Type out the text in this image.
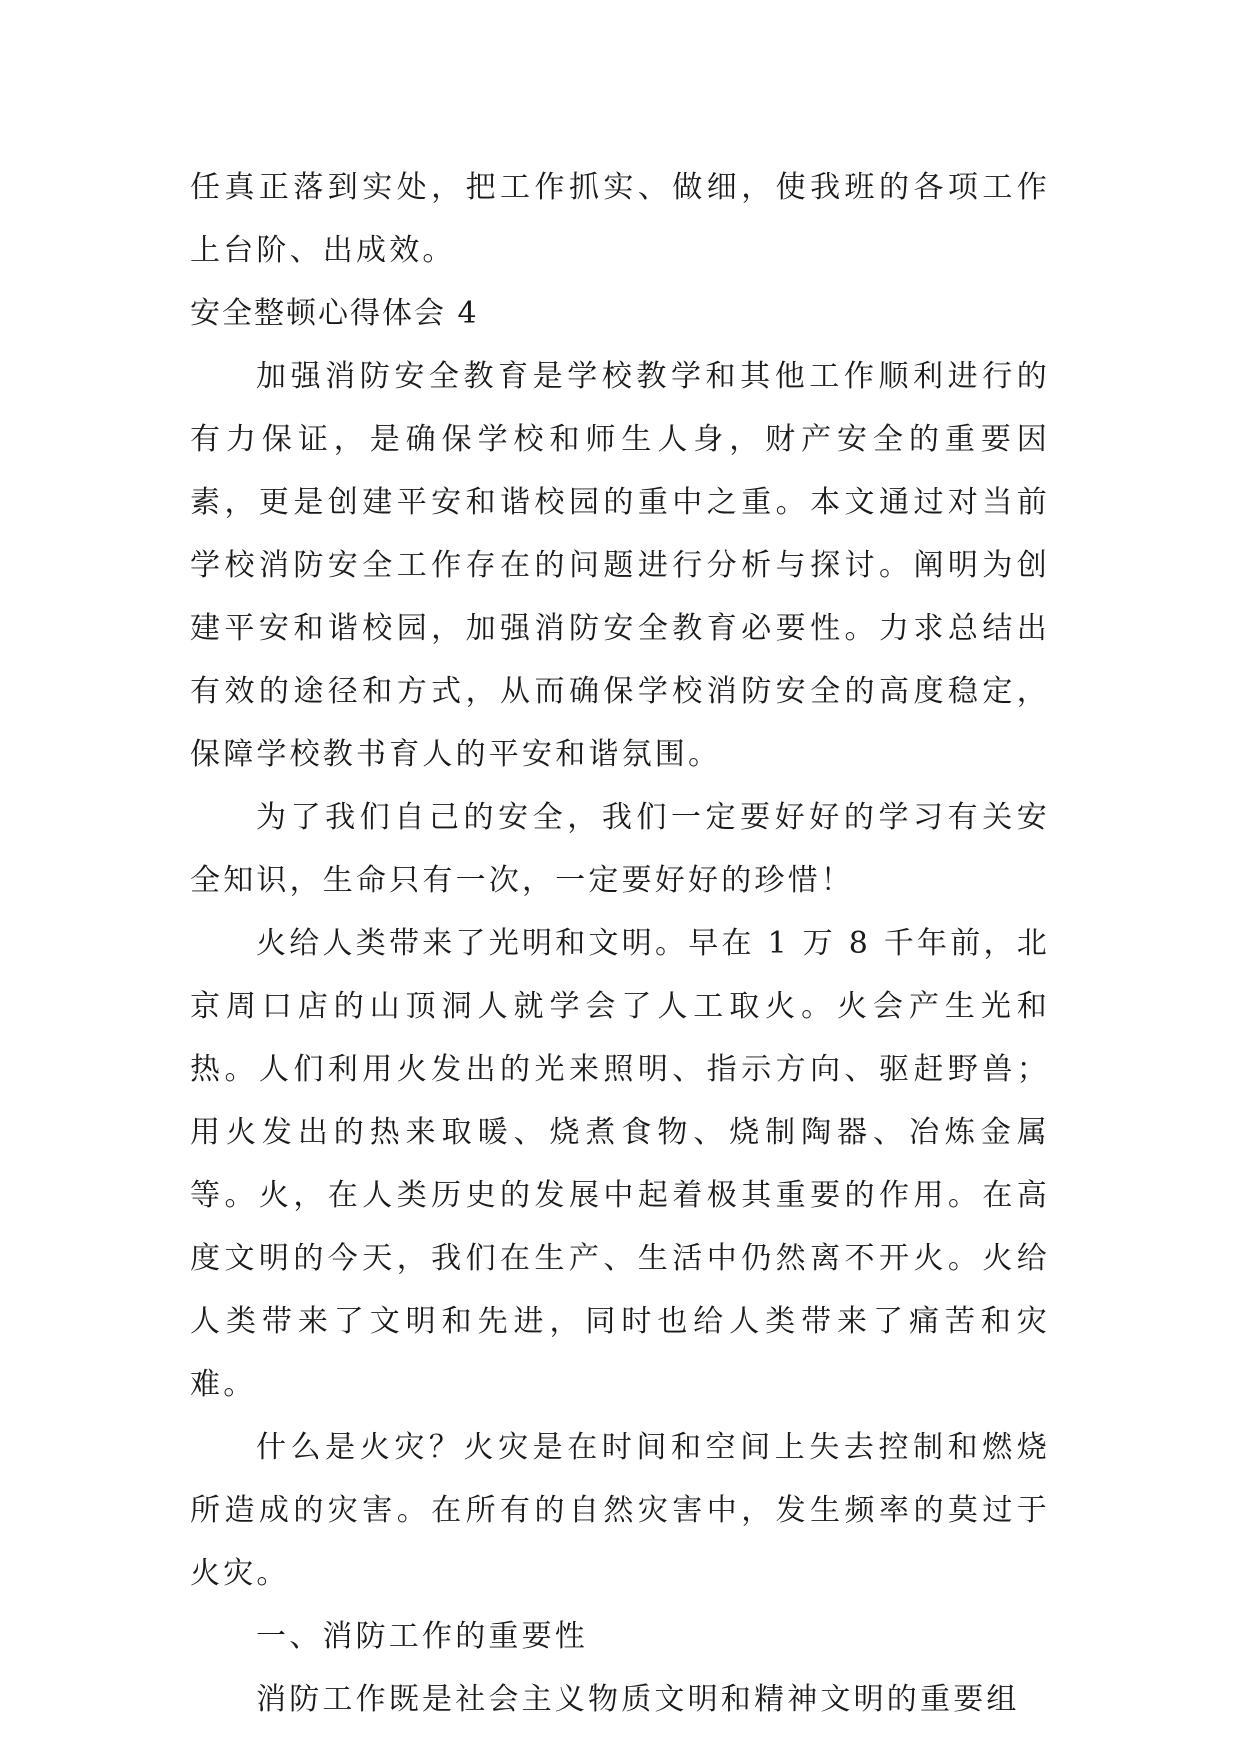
任真正落到实处，把工作抓实、做细，使我班的各项工作上台阶、出成效。

安全整顿心得体会 4

加强消防安全教育是学校教学和其他工作顺利进行的有力保证，是确保学校和师生人身，财产安全的重要因素，更是创建平安和谐校园的重中之重。本文通过对当前学校消防安全工作存在的问题进行分析与探讨。阐明为创建平安和谐校园，加强消防安全教育必要性。力求总结出有效的途径和方式，从而确保学校消防安全的高度稳定，保障学校教书育人的平安和谐氛围。

为了我们自己的安全，我们一定要好好的学习有关安全知识，生命只有一次，一定要好好的珍惜！

火给人类带来了光明和文明。早在 1 万 8 千年前，北京周口店的山顶洞人就学会了人工取火。火会产生光和热。人们利用火发出的光来照明、指示方向、驱赶野兽；用火发出的热来取暖、烧煮食物、烧制陶器、冶炼金属等。火，在人类历史的发展中起着极其重要的作用。在高度文明的今天，我们在生产、生活中仍然离不开火。火给人类带来了文明和先进，同时也给人类带来了痛苦和灾难。

什么是火灾？火灾是在时间和空间上失去控制和燃烧所造成的灾害。在所有的自然灾害中，发生频率的莫过于火灾。

一、消防工作的重要性

消防工作既是社会主义物质文明和精神文明的重要组
